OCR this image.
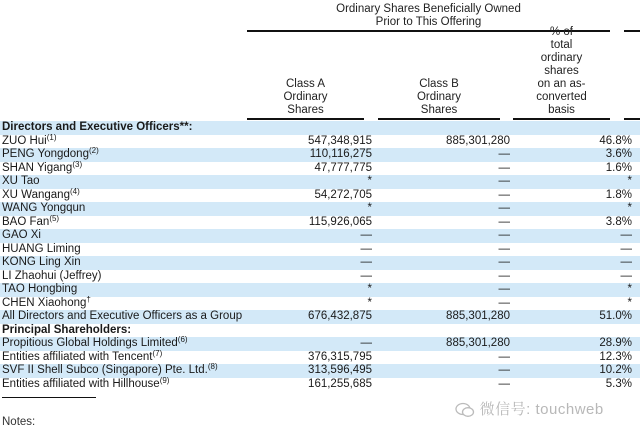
Ordinary Shares Beneficially Owned
Prior to This Offering
Class A
Ordinary
Shares
Class B
Ordinary
Shares
% of
total
ordinary
shares
on an as-
converted
basis
Directors and Executive Officers**:
ZUO Hui$^{(1)}$	547,348,915	885,301,280	46.8%
PENG Yongdong$^{(2)}$	110,116,275	—	3.6%
SHAN Yigang$^{(3)}$	47,777,775	—	1.6%
XU Tao	*	—	*
XU Wangang$^{(4)}$	54,272,705	—	1.8%
WANG Yongqun	*	—	*
BAO Fan$^{(5)}$	115,926,065	—	3.8%
GAO Xi	—	—	—
HUANG Liming	—	—	—
KONG Ling Xin	—	—	—
LI Zhaohui (Jeffrey)	—	—	—
TAO Hongbing	*	—	*
CHEN Xiaohong†	*	—	*
All Directors and Executive Officers as a Group	676,432,875	885,301,280	51.0%
Principal Shareholders:
Propitious Global Holdings Limited$^{(6)}$	—	885,301,280	28.9%
Entities affiliated with Tencent$^{(7)}$	376,315,795	—	12.3%
SVF II Shell Subco (Singapore) Pte. Ltd.$^{(8)}$	313,596,495	—	10.2%
Entities affiliated with Hillhouse$^{(9)}$	161,255,685	—	5.3%
Notes:
微信号: touchweb
